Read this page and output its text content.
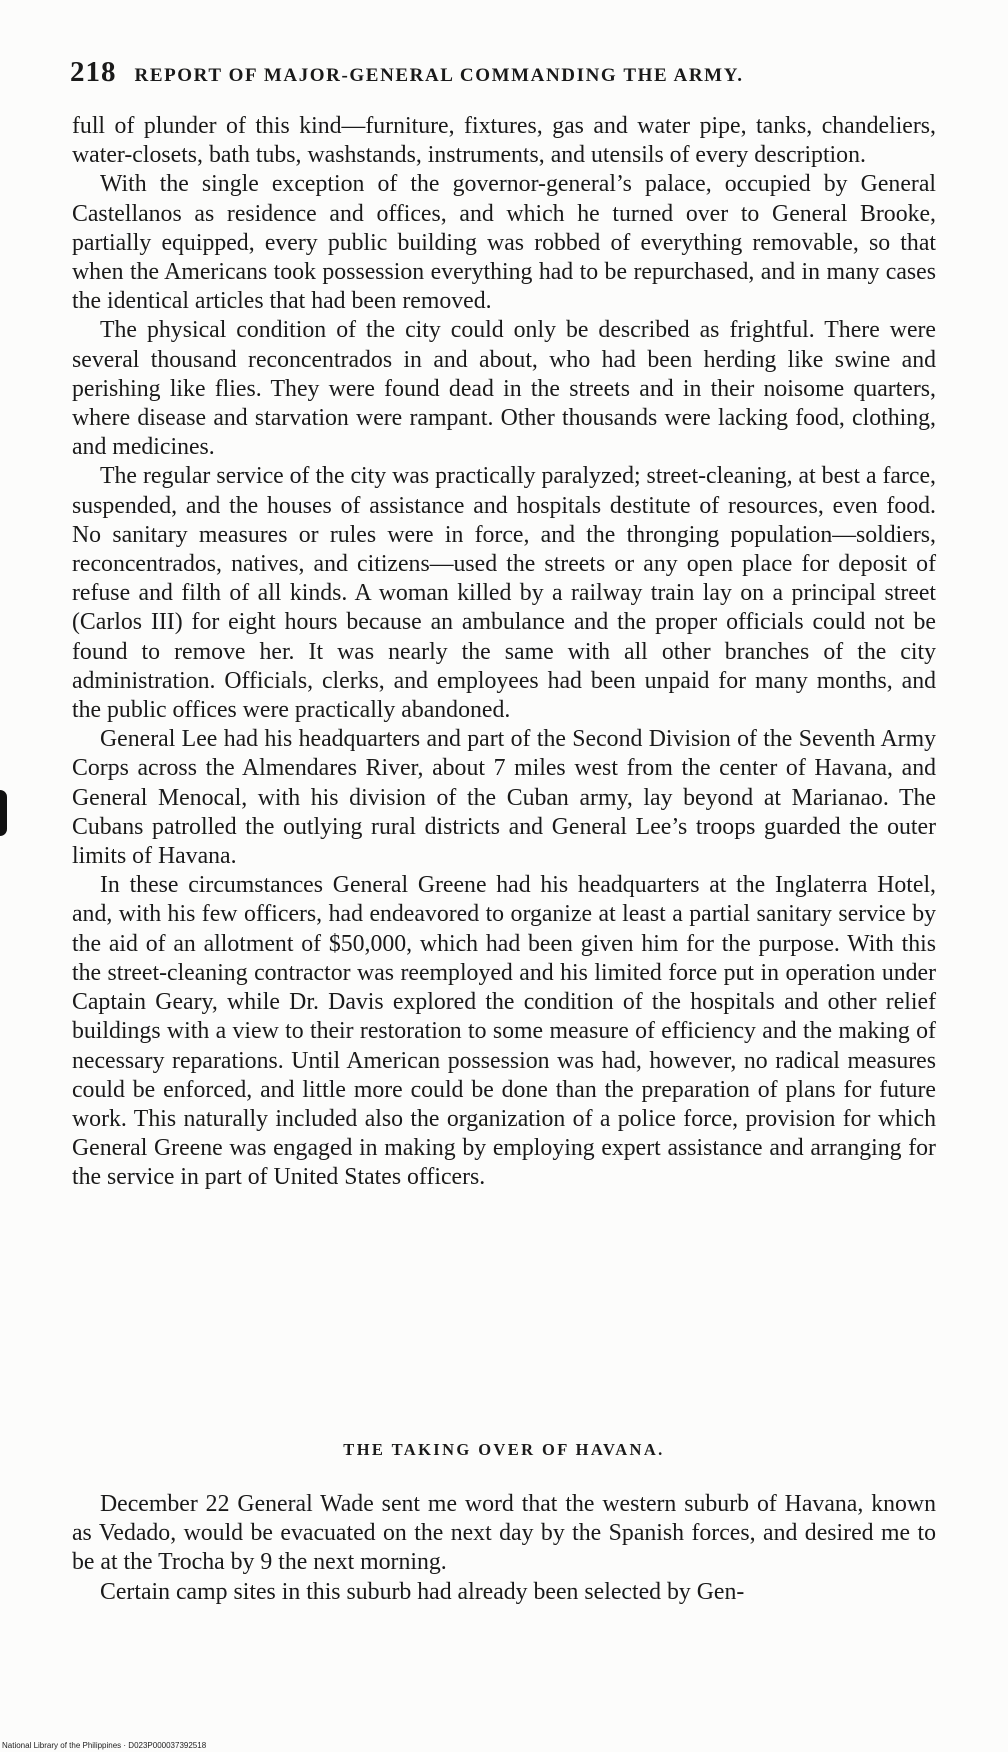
218 REPORT OF MAJOR-GENERAL COMMANDING THE ARMY.

full of plunder of this kind—furniture, fixtures, gas and water pipe, tanks, chandeliers, water-closets, bath tubs, washstands, instruments, and utensils of every description.

With the single exception of the governor-general’s palace, occupied by General Castellanos as residence and offices, and which he turned over to General Brooke, partially equipped, every public building was robbed of everything removable, so that when the Americans took possession everything had to be repurchased, and in many cases the identical articles that had been removed.

The physical condition of the city could only be described as frightful. There were several thousand reconcentrados in and about, who had been herding like swine and perishing like flies. They were found dead in the streets and in their noisome quarters, where disease and starvation were rampant. Other thousands were lacking food, clothing, and medicines.

The regular service of the city was practically paralyzed; street-cleaning, at best a farce, suspended, and the houses of assistance and hospitals destitute of resources, even food. No sanitary measures or rules were in force, and the thronging population—soldiers, reconcentrados, natives, and citizens—used the streets or any open place for deposit of refuse and filth of all kinds. A woman killed by a railway train lay on a principal street (Carlos III) for eight hours because an ambulance and the proper officials could not be found to remove her. It was nearly the same with all other branches of the city administration. Officials, clerks, and employees had been unpaid for many months, and the public offices were practically abandoned.

General Lee had his headquarters and part of the Second Division of the Seventh Army Corps across the Almendares River, about 7 miles west from the center of Havana, and General Menocal, with his division of the Cuban army, lay beyond at Marianao. The Cubans patrolled the outlying rural districts and General Lee’s troops guarded the outer limits of Havana.

In these circumstances General Greene had his headquarters at the Inglaterra Hotel, and, with his few officers, had endeavored to organize at least a partial sanitary service by the aid of an allotment of $50,000, which had been given him for the purpose. With this the street-cleaning contractor was reemployed and his limited force put in operation under Captain Geary, while Dr. Davis explored the condition of the hospitals and other relief buildings with a view to their restoration to some measure of efficiency and the making of necessary reparations. Until American possession was had, however, no radical measures could be enforced, and little more could be done than the preparation of plans for future work. This naturally included also the organization of a police force, provision for which General Greene was engaged in making by employing expert assistance and arranging for the service in part of United States officers.

THE TAKING OVER OF HAVANA.

December 22 General Wade sent me word that the western suburb of Havana, known as Vedado, would be evacuated on the next day by the Spanish forces, and desired me to be at the Trocha by 9 the next morning.

Certain camp sites in this suburb had already been selected by Gen-

National Library of the Philippines · D023P000037392518
